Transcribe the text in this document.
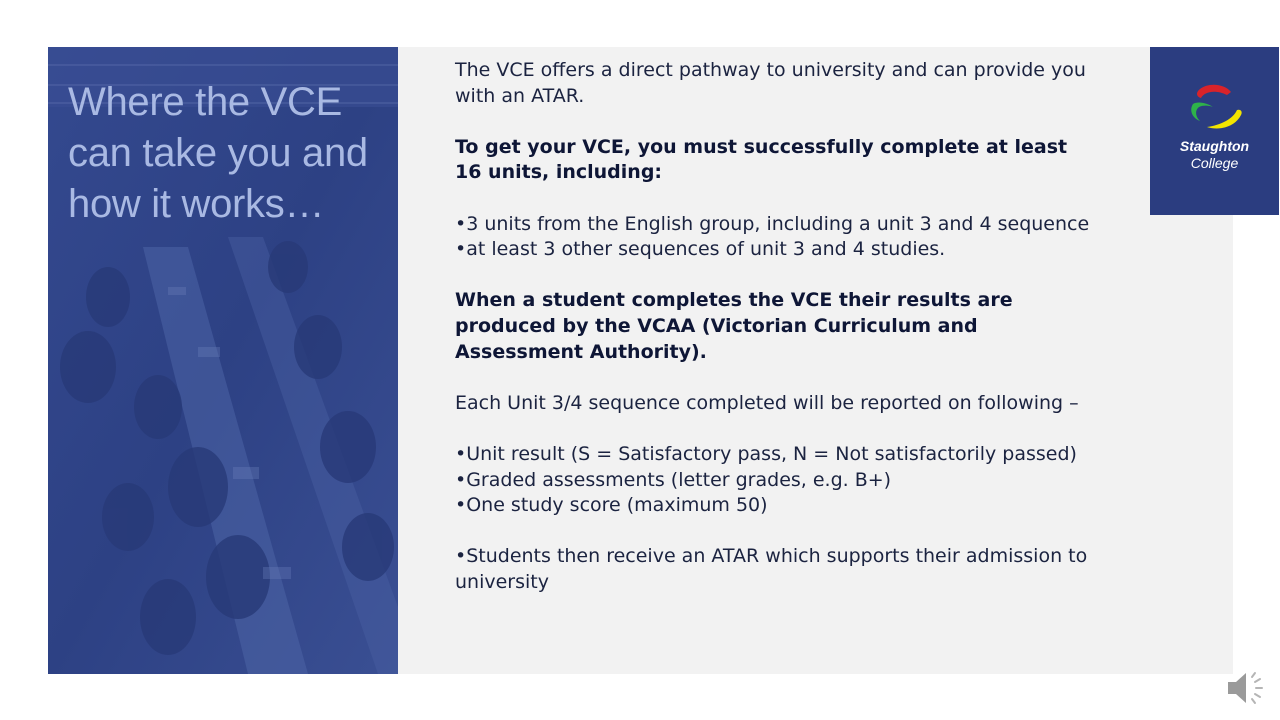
Where the VCE can take you and how it works…

The VCE offers a direct pathway to university and can provide you with an ATAR.

To get your VCE, you must successfully complete at least 16 units, including:

•3 units from the English group, including a unit 3 and 4 sequence

•at least 3 other sequences of unit 3 and 4 studies.

When a student completes the VCE their results are produced by the VCAA (Victorian Curriculum and Assessment Authority).

Each Unit 3/4 sequence completed will be reported on following –

•Unit result (S = Satisfactory pass, N = Not satisfactorily passed)

•Graded assessments (letter grades, e.g. B+)

•One study score (maximum 50)

•Students then receive an ATAR which supports their admission to university

Staughton
College
